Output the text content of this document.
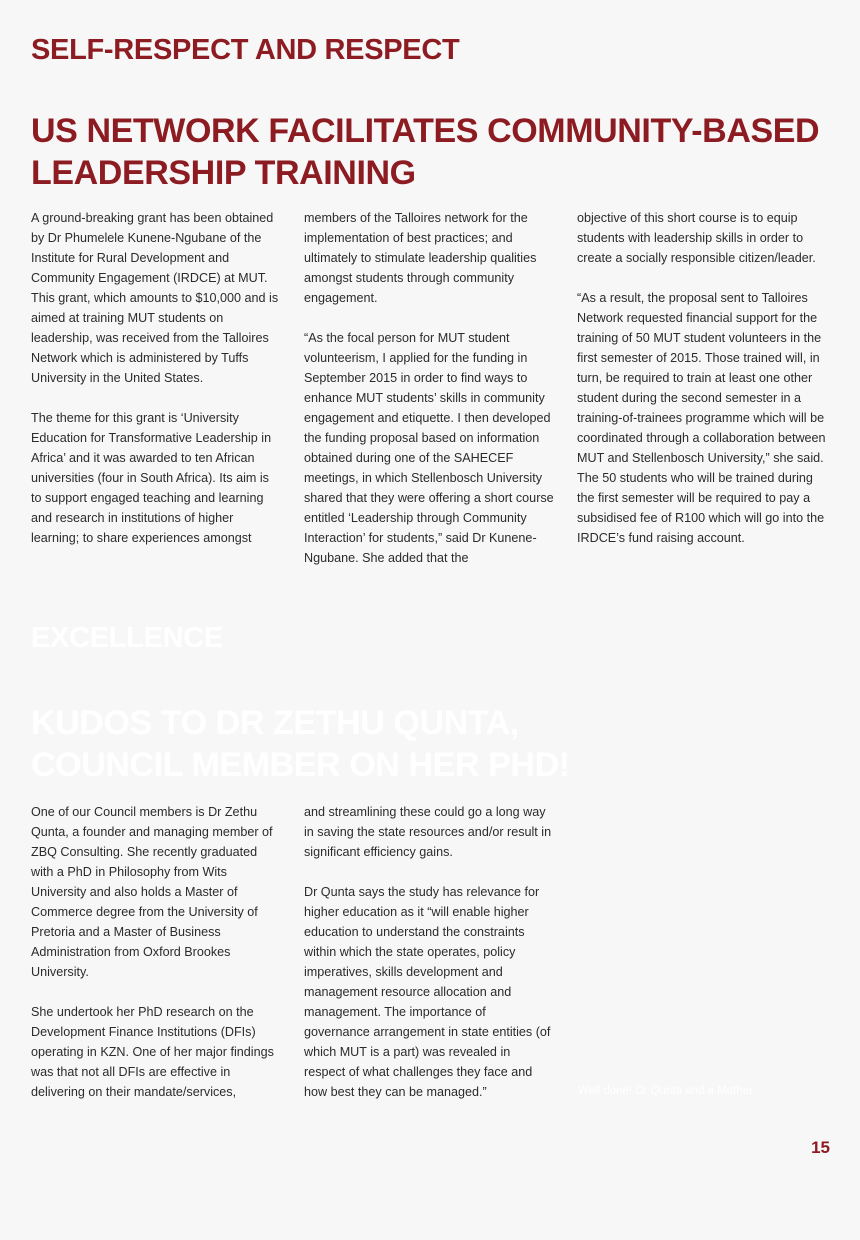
SELF-RESPECT AND RESPECT
US NETWORK FACILITATES COMMUNITY-BASED
LEADERSHIP TRAINING

A ground-breaking grant has been obtained by Dr Phumelele Kunene-Ngubane of the Institute for Rural Development and Community Engagement (IRDCE) at MUT. This grant, which amounts to $10,000 and is aimed at training MUT students on leadership, was received from the Talloires Network which is administered by Tuffs University in the United States.

The theme for this grant is ‘University Education for Transformative Leadership in Africa’ and it was awarded to ten African universities (four in South Africa). Its aim is to support engaged teaching and learning and research in institutions of higher learning; to share experiences amongst

members of the Talloires network for the implementation of best practices; and ultimately to stimulate leadership qualities amongst students through community engagement.

“As the focal person for MUT student volunteerism, I applied for the funding in September 2015 in order to find ways to enhance MUT students’ skills in community engagement and etiquette. I then developed the funding proposal based on information obtained during one of the SAHECEF meetings, in which Stellenbosch University shared that they were offering a short course entitled ‘Leadership through Community Interaction’ for students,” said Dr Kunene-Ngubane. She added that the

objective of this short course is to equip students with leadership skills in order to create a socially responsible citizen/leader.

“As a result, the proposal sent to Talloires Network requested financial support for the training of 50 MUT student volunteers in the first semester of 2015. Those trained will, in turn, be required to train at least one other student during the second semester in a training-of-trainees programme which will be coordinated through a collaboration between MUT and Stellenbosch University,” she said. The 50 students who will be trained during the first semester will be required to pay a subsidised fee of R100 which will go into the IRDCE’s fund raising account.

EXCELLENCE
KUDOS TO DR ZETHU QUNTA,
COUNCIL MEMBER ON HER PHD!

One of our Council members is Dr Zethu Qunta, a founder and managing member of ZBQ Consulting. She recently graduated with a PhD in Philosophy from Wits University and also holds a Master of Commerce degree from the University of Pretoria and a Master of Business Administration from Oxford Brookes University.

She undertook her PhD research on the Development Finance Institutions (DFIs) operating in KZN. One of her major findings was that not all DFIs are effective in delivering on their mandate/services,

and streamlining these could go a long way in saving the state resources and/or result in significant efficiency gains.

Dr Qunta says the study has relevance for higher education as it “will enable higher education to understand the constraints within which the state operates, policy imperatives, skills development and management resource allocation and management. The importance of governance arrangement in state entities (of which MUT is a part) was revealed in respect of what challenges they face and how best they can be managed.”	Well done! Dr Qunta and a Mother

15
